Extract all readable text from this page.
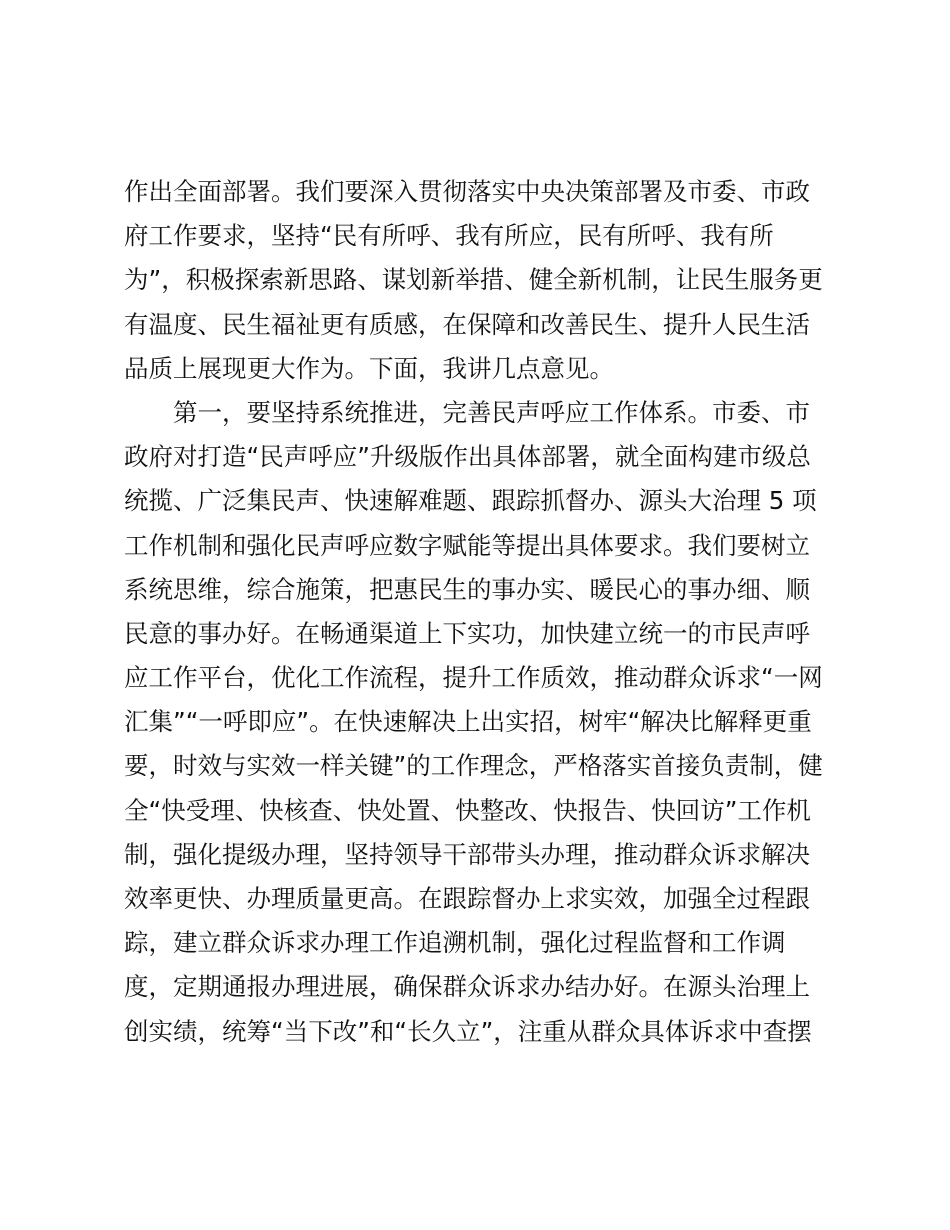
作出全面部署。我们要深入贯彻落实中央决策部署及市委、市政
府工作要求，坚持“民有所呼、我有所应，民有所呼、我有所
为”，积极探索新思路、谋划新举措、健全新机制，让民生服务更
有温度、民生福祉更有质感，在保障和改善民生、提升人民生活
品质上展现更大作为。下面，我讲几点意见。
第一，要坚持系统推进，完善民声呼应工作体系。市委、市
政府对打造“民声呼应”升级版作出具体部署，就全面构建市级总
统揽、广泛集民声、快速解难题、跟踪抓督办、源头大治理 5 项
工作机制和强化民声呼应数字赋能等提出具体要求。我们要树立
系统思维，综合施策，把惠民生的事办实、暖民心的事办细、顺
民意的事办好。在畅通渠道上下实功，加快建立统一的市民声呼
应工作平台，优化工作流程，提升工作质效，推动群众诉求“一网
汇集”“一呼即应”。在快速解决上出实招，树牢“解决比解释更重
要，时效与实效一样关键”的工作理念，严格落实首接负责制，健
全“快受理、快核查、快处置、快整改、快报告、快回访”工作机
制，强化提级办理，坚持领导干部带头办理，推动群众诉求解决
效率更快、办理质量更高。在跟踪督办上求实效，加强全过程跟
踪，建立群众诉求办理工作追溯机制，强化过程监督和工作调
度，定期通报办理进展，确保群众诉求办结办好。在源头治理上
创实绩，统筹“当下改”和“长久立”，注重从群众具体诉求中查摆
